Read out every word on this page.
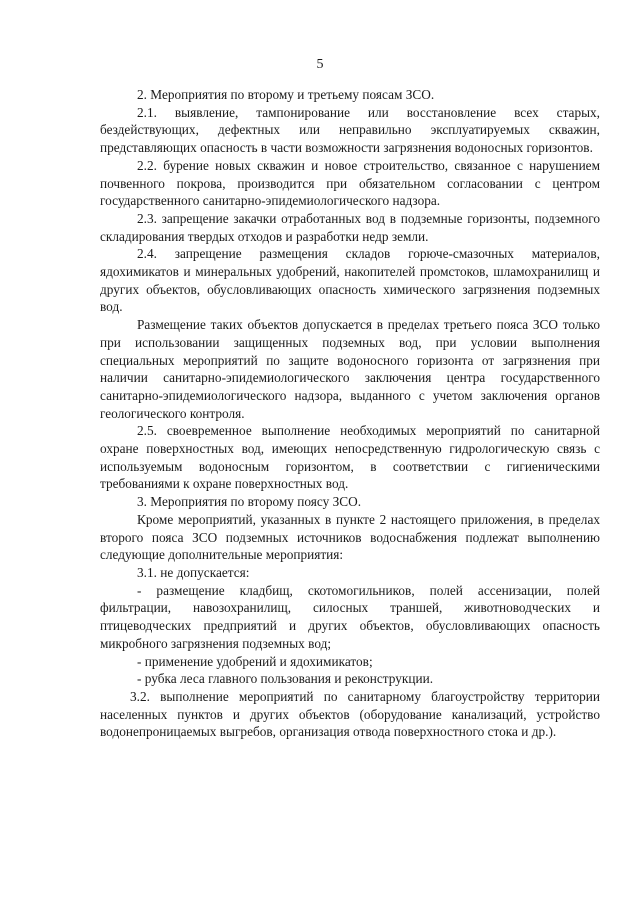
5

2. Мероприятия по второму и третьему поясам ЗСО.

2.1. выявление, тампонирование или восстановление всех старых, бездействующих, дефектных или неправильно эксплуатируемых скважин, представляющих опасность в части возможности загрязнения водоносных горизонтов.

2.2. бурение новых скважин и новое строительство, связанное с нарушением почвенного покрова, производится при обязательном согласовании с центром государственного санитарно-эпидемиологического надзора.

2.3. запрещение закачки отработанных вод в подземные горизонты, подземного складирования твердых отходов и разработки недр земли.

2.4. запрещение размещения складов горюче-смазочных материалов, ядохимикатов и минеральных удобрений, накопителей промстоков, шламохранилищ и других объектов, обусловливающих опасность химического загрязнения подземных вод.

Размещение таких объектов допускается в пределах третьего пояса ЗСО только при использовании защищенных подземных вод, при условии выполнения специальных мероприятий по защите водоносного горизонта от загрязнения при наличии санитарно-эпидемиологического заключения центра государственного санитарно-эпидемиологического надзора, выданного с учетом заключения органов геологического контроля.

2.5. своевременное выполнение необходимых мероприятий по санитарной охране поверхностных вод, имеющих непосредственную гидрологическую связь с используемым водоносным горизонтом, в соответствии с гигиеническими требованиями к охране поверхностных вод.

3. Мероприятия по второму поясу ЗСО.

Кроме мероприятий, указанных в пункте 2 настоящего приложения, в пределах второго пояса ЗСО подземных источников водоснабжения подлежат выполнению следующие дополнительные мероприятия:

3.1. не допускается:

- размещение кладбищ, скотомогильников, полей ассенизации, полей фильтрации, навозохранилищ, силосных траншей, животноводческих и птицеводческих предприятий и других объектов, обусловливающих опасность микробного загрязнения подземных вод;

- применение удобрений и ядохимикатов;

- рубка леса главного пользования и реконструкции.

3.2. выполнение мероприятий по санитарному благоустройству территории населенных пунктов и других объектов (оборудование канализаций, устройство водонепроницаемых выгребов, организация отвода поверхностного стока и др.).
